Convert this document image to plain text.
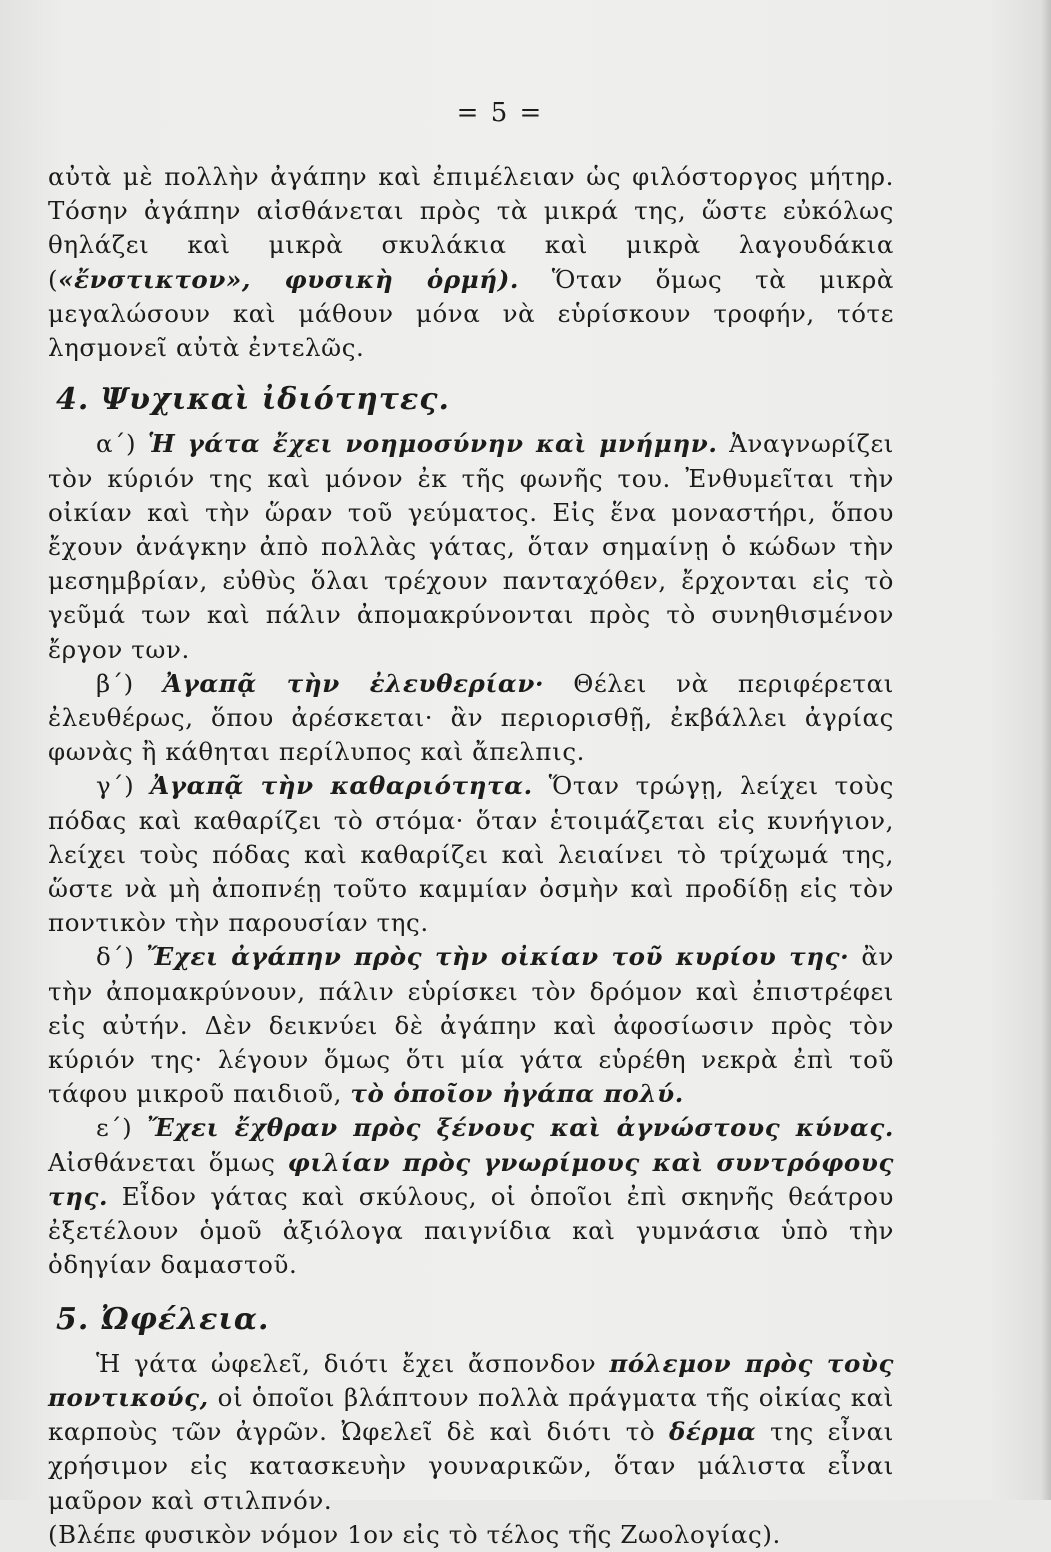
= 5 =

αὐτὰ μὲ πολλὴν ἀγάπην καὶ ἐπιμέλειαν ὡς φιλόστοργος μήτηρ. Τόσην ἀγάπην αἰσθάνεται πρὸς τὰ μικρά της, ὥστε εὐκόλως θηλάζει καὶ μικρὰ σκυλάκια καὶ μικρὰ λαγουδάκια («ἔνστικτον», φυσικὴ ὁρμή). Ὅταν ὅμως τὰ μικρὰ μεγαλώσουν καὶ μάθουν μόνα νὰ εὑρίσκουν τροφήν, τότε λησμονεῖ αὐτὰ ἐντελῶς.

4. Ψυχικαὶ ἰδιότητες.

α΄) Ἡ γάτα ἔχει νοημοσύνην καὶ μνήμην. Ἀναγνωρίζει τὸν κύριόν της καὶ μόνον ἐκ τῆς φωνῆς του. Ἐνθυμεῖται τὴν οἰκίαν καὶ τὴν ὥραν τοῦ γεύματος. Εἰς ἕνα μοναστήρι, ὅπου ἔχουν ἀνάγκην ἀπὸ πολλὰς γάτας, ὅταν σημαίνῃ ὁ κώδων τὴν μεσημβρίαν, εὐθὺς ὅλαι τρέχουν πανταχόθεν, ἔρχονται εἰς τὸ γεῦμά των καὶ πάλιν ἀπομακρύνονται πρὸς τὸ συνηθισμένον ἔργον των.

β΄) Ἀγαπᾷ τὴν ἐλευθερίαν· Θέλει νὰ περιφέρεται ἐλευθέρως, ὅπου ἀρέσκεται· ἂν περιορισθῇ, ἐκβάλλει ἀγρίας φωνὰς ἢ κάθηται περίλυπος καὶ ἄπελπις.

γ΄) Ἀγαπᾷ τὴν καθαριότητα. Ὅταν τρώγῃ, λείχει τοὺς πόδας καὶ καθαρίζει τὸ στόμα· ὅταν ἑτοιμάζεται εἰς κυνήγιον, λείχει τοὺς πόδας καὶ καθαρίζει καὶ λειαίνει τὸ τρίχωμά της, ὥστε νὰ μὴ ἀποπνέῃ τοῦτο καμμίαν ὀσμὴν καὶ προδίδῃ εἰς τὸν ποντικὸν τὴν παρουσίαν της.

δ΄) Ἔχει ἀγάπην πρὸς τὴν οἰκίαν τοῦ κυρίου της· ἂν τὴν ἀπομακρύνουν, πάλιν εὑρίσκει τὸν δρόμον καὶ ἐπιστρέφει εἰς αὐτήν. Δὲν δεικνύει δὲ ἀγάπην καὶ ἀφοσίωσιν πρὸς τὸν κύριόν της· λέγουν ὅμως ὅτι μία γάτα εὑρέθη νεκρὰ ἐπὶ τοῦ τάφου μικροῦ παιδιοῦ, τὸ ὁποῖον ἠγάπα πολύ.

ε΄) Ἔχει ἔχθραν πρὸς ξένους καὶ ἀγνώστους κύνας. Αἰσθάνεται ὅμως φιλίαν πρὸς γνωρίμους καὶ συντρόφους της. Εἶδον γάτας καὶ σκύλους, οἱ ὁποῖοι ἐπὶ σκηνῆς θεάτρου ἐξετέλουν ὁμοῦ ἀξιόλογα παιγνίδια καὶ γυμνάσια ὑπὸ τὴν ὁδηγίαν δαμαστοῦ.

5. Ὠφέλεια.

Ἡ γάτα ὠφελεῖ, διότι ἔχει ἄσπονδον πόλεμον πρὸς τοὺς ποντικούς, οἱ ὁποῖοι βλάπτουν πολλὰ πράγματα τῆς οἰκίας καὶ καρποὺς τῶν ἀγρῶν. Ὠφελεῖ δὲ καὶ διότι τὸ δέρμα της εἶναι χρήσιμον εἰς κατασκευὴν γουναρικῶν, ὅταν μάλιστα εἶναι μαῦρον καὶ στιλπνόν.

(Βλέπε φυσικὸν νόμον 1ον εἰς τὸ τέλος τῆς Ζωολογίας).
